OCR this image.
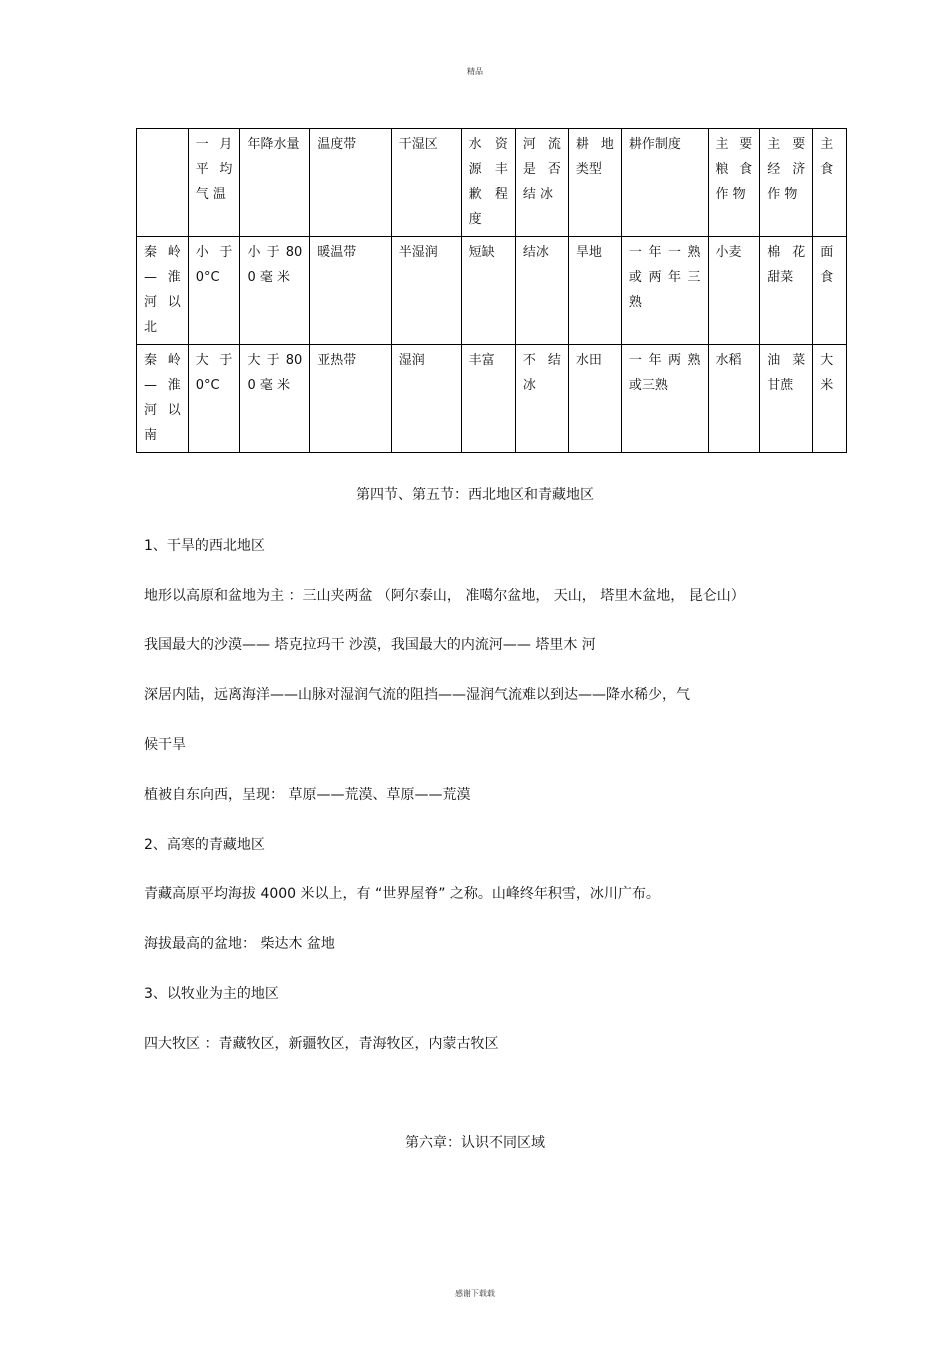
精品
	一 月 平 均 气 温	年降水量	温度带	干湿区	水 资 源 丰 歉 程 度	河 流 是 否 结 冰	耕地类型	耕作制度	主 要 粮 食 作 物	主 要 经 济 作 物	主食
秦 岭 — 淮 河 以 北	小于 0°C	小 于 800 毫 米	暖温带	半湿润	短缺	结冰	旱地	一 年 一 熟 或 两 年 三 熟	小麦	棉花 甜菜	面食
秦 岭 — 淮 河 以 南	大于 0°C	大 于 800 毫 米	亚热带	湿润	丰富	不 结 冰	水田	一 年 两 熟 或三熟	水稻	油菜 甘蔗	大米
第四节、第五节：西北地区和青藏地区
1、干旱的西北地区
地形以高原和盆地为主 ：三山夹两盆 （阿尔泰山， 准噶尔盆地， 天山， 塔里木盆地， 昆仑山）
我国最大的沙漠—— 塔克拉玛干 沙漠，我国最大的内流河—— 塔里木 河
深居内陆，远离海洋——山脉对湿润气流的阻挡——湿润气流难以到达——降水稀少，气
候干旱
植被自东向西，呈现： 草原——荒漠、草原——荒漠
2、高寒的青藏地区
青藏高原平均海拔 4000 米以上，有 “世界屋脊” 之称。山峰终年积雪，冰川广布。
海拔最高的盆地： 柴达木 盆地
3、以牧业为主的地区
四大牧区 ：青藏牧区，新疆牧区，青海牧区，内蒙古牧区
第六章：认识不同区域
感谢下载载
